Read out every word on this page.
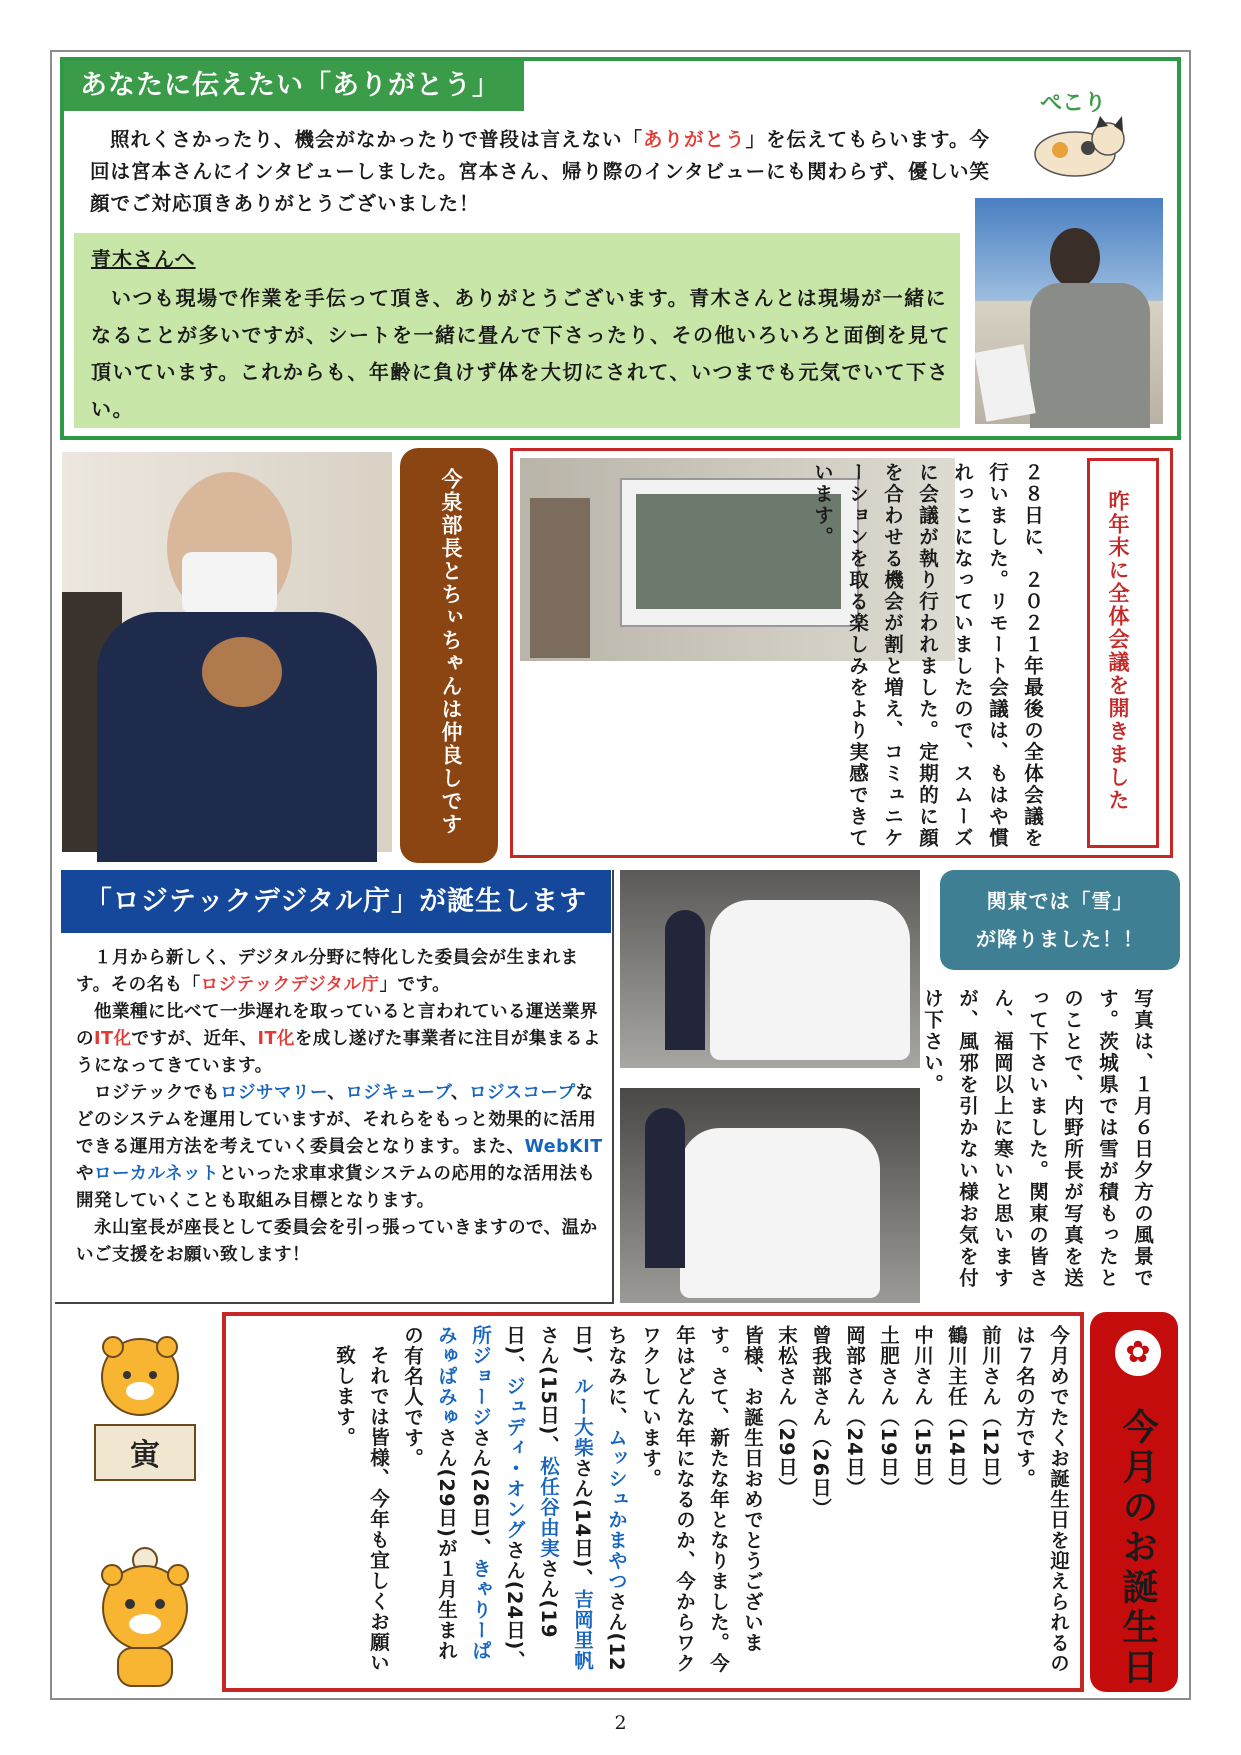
あなたに伝えたい「ありがとう」
照れくさかったり、機会がなかったりで普段は言えない「ありがとう」を伝えてもらいます。今回は宮本さんにインタビューしました。宮本さん、帰り際のインタビューにも関わらず、優しい笑顔でご対応頂きありがとうございました！
ぺこり
青木さんへ
いつも現場で作業を手伝って頂き、ありがとうございます。青木さんとは現場が一緒になることが多いですが、シートを一緒に畳んで下さったり、その他いろいろと面倒を見て頂いています。これからも、年齢に負けず体を大切にされて、いつまでも元気でいて下さい。
今泉部長とちぃちゃんは仲良しです	昨年末に全体会議を開きました
２８日に、２０２１年最後の全体会議を行いました。リモート会議は、もはや慣れっこになっていましたので、スムーズに会議が執り行われました。定期的に顔を合わせる機会が割と増え、コミュニケーションを取る楽しみをより実感できています。
「ロジテックデジタル庁」が誕生します

１月から新しく、デジタル分野に特化した委員会が生まれます。その名も「ロジテックデジタル庁」です。

他業種に比べて一歩遅れを取っていると言われている運送業界のIT化ですが、近年、IT化を成し遂げた事業者に注目が集まるようになってきています。

ロジテックでもロジサマリー、ロジキューブ、ロジスコープなどのシステムを運用していますが、それらをもっと効果的に活用できる運用方法を考えていく委員会となります。また、WebKIT やローカルネットといった求車求貨システムの応用的な活用法も開発していくことも取組み目標となります。

永山室長が座長として委員会を引っ張っていきますので、温かいご支援をお願い致します！

関東では「雪」
が降りました！！
写真は、１月６日夕方の風景です。茨城県では雪が積もったとのことで、内野所長が写真を送って下さいました。関東の皆さん、福岡以上に寒いと思いますが、風邪を引かない様お気を付け下さい。
✿
今月のお誕生日
今月めでたくお誕生日を迎えられるのは７名の方です。
前川さん（12日）
鶴川主任（14日）
中川さん（15日）
土肥さん（19日）
岡部さん（24日）
曾我部さん（26日）
末松さん（29日）
皆様、お誕生日おめでとうございます。さて、新たな年となりました。今年はどんな年になるのか、今からワクワクしています。
ちなみに、ムッシュかまやつさん(12日)、ルー大柴さん(14日)、吉岡里帆さん(15日)、松任谷由実さん(19日)、ジュディ・オングさん(24日)、所ジョージさん(26日)、きゃりーぱみゅぱみゅさん(29日)が１月生まれの有名人です。
それでは皆様、今年も宜しくお願い致します。
寅
2
